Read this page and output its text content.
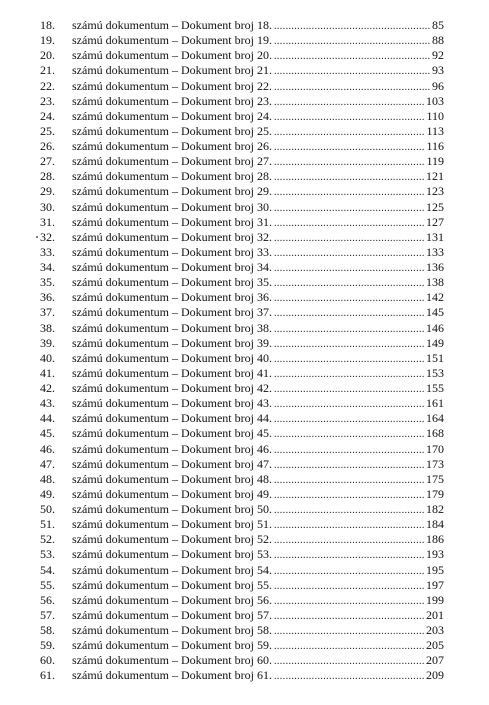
18.	számú dokumentum – Dokument broj 18. .....	85
19.	számú dokumentum – Dokument broj 19. .....	88
20.	számú dokumentum – Dokument broj 20. .....	92
21.	számú dokumentum – Dokument broj 21. .....	93
22.	számú dokumentum – Dokument broj 22. .....	96
23.	számú dokumentum – Dokument broj 23. .....	103
24.	számú dokumentum – Dokument broj 24. .....	110
25.	számú dokumentum – Dokument broj 25. .....	113
26.	számú dokumentum – Dokument broj 26. .....	116
27.	számú dokumentum – Dokument broj 27. .....	119
28.	számú dokumentum – Dokument broj 28. .....	121
29.	számú dokumentum – Dokument broj 29. .....	123
30.	számú dokumentum – Dokument broj 30. .....	125
31.	számú dokumentum – Dokument broj 31. .....	127
32.	számú dokumentum – Dokument broj 32. .....	131
33.	számú dokumentum – Dokument broj 33. .....	133
34.	számú dokumentum – Dokument broj 34. .....	136
35.	számú dokumentum – Dokument broj 35. .....	138
36.	számú dokumentum – Dokument broj 36. .....	142
37.	számú dokumentum – Dokument broj 37. .....	145
38.	számú dokumentum – Dokument broj 38. .....	146
39.	számú dokumentum – Dokument broj 39. .....	149
40.	számú dokumentum – Dokument broj 40. .....	151
41.	számú dokumentum – Dokument broj 41. .....	153
42.	számú dokumentum – Dokument broj 42. .....	155
43.	számú dokumentum – Dokument broj 43. .....	161
44.	számú dokumentum – Dokument broj 44. .....	164
45.	számú dokumentum – Dokument broj 45. .....	168
46.	számú dokumentum – Dokument broj 46. .....	170
47.	számú dokumentum – Dokument broj 47. .....	173
48.	számú dokumentum – Dokument broj 48. .....	175
49.	számú dokumentum – Dokument broj 49. .....	179
50.	számú dokumentum – Dokument broj 50. .....	182
51.	számú dokumentum – Dokument broj 51. .....	184
52.	számú dokumentum – Dokument broj 52. .....	186
53.	számú dokumentum – Dokument broj 53. .....	193
54.	számú dokumentum – Dokument broj 54. .....	195
55.	számú dokumentum – Dokument broj 55. .....	197
56.	számú dokumentum – Dokument broj 56. .....	199
57.	számú dokumentum – Dokument broj 57. .....	201
58.	számú dokumentum – Dokument broj 58. .....	203
59.	számú dokumentum – Dokument broj 59. .....	205
60.	számú dokumentum – Dokument broj 60. .....	207
61.	számú dokumentum – Dokument broj 61. .....	209
